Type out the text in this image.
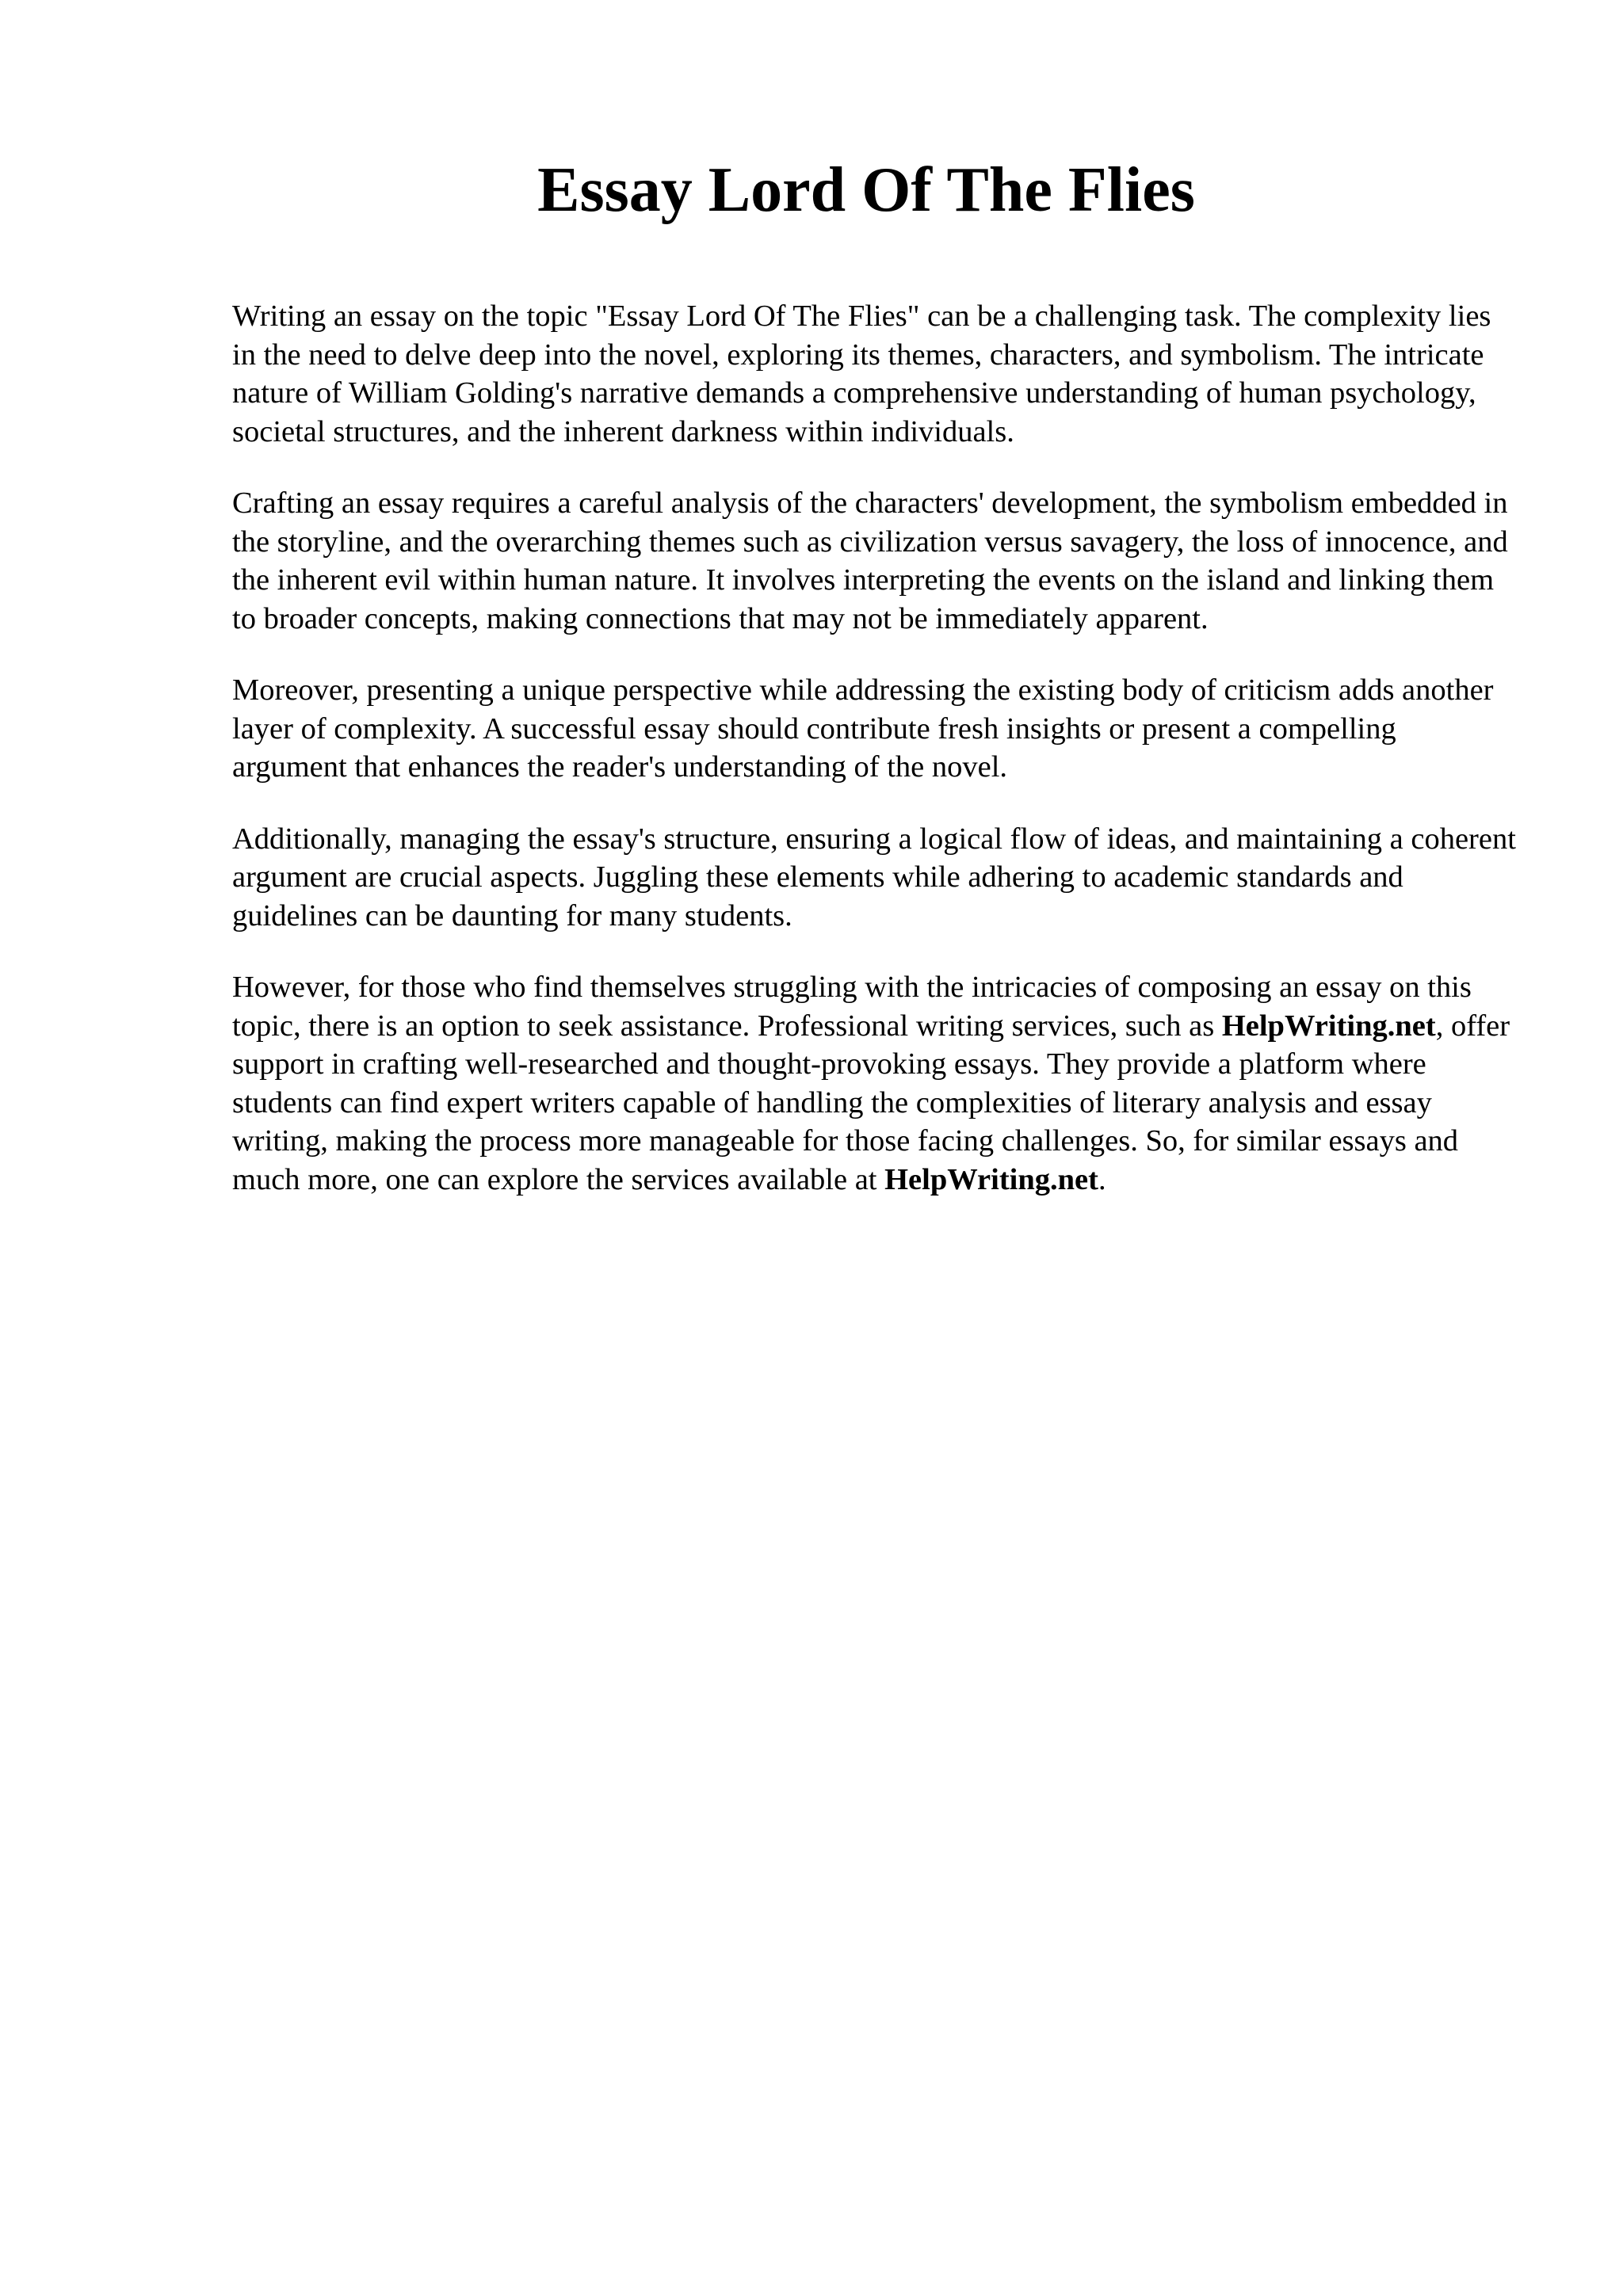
Essay Lord Of The Flies

Writing an essay on the topic "Essay Lord Of The Flies" can be a challenging task. The complexity lies in the need to delve deep into the novel, exploring its themes, characters, and symbolism. The intricate nature of William Golding's narrative demands a comprehensive understanding of human psychology, societal structures, and the inherent darkness within individuals.

Crafting an essay requires a careful analysis of the characters' development, the symbolism embedded in the storyline, and the overarching themes such as civilization versus savagery, the loss of innocence, and the inherent evil within human nature. It involves interpreting the events on the island and linking them to broader concepts, making connections that may not be immediately apparent.

Moreover, presenting a unique perspective while addressing the existing body of criticism adds another layer of complexity. A successful essay should contribute fresh insights or present a compelling argument that enhances the reader's understanding of the novel.

Additionally, managing the essay's structure, ensuring a logical flow of ideas, and maintaining a coherent argument are crucial aspects. Juggling these elements while adhering to academic standards and guidelines can be daunting for many students.

However, for those who find themselves struggling with the intricacies of composing an essay on this topic, there is an option to seek assistance. Professional writing services, such as HelpWriting.net, offer support in crafting well-researched and thought-provoking essays. They provide a platform where students can find expert writers capable of handling the complexities of literary analysis and essay writing, making the process more manageable for those facing challenges. So, for similar essays and much more, one can explore the services available at HelpWriting.net.
